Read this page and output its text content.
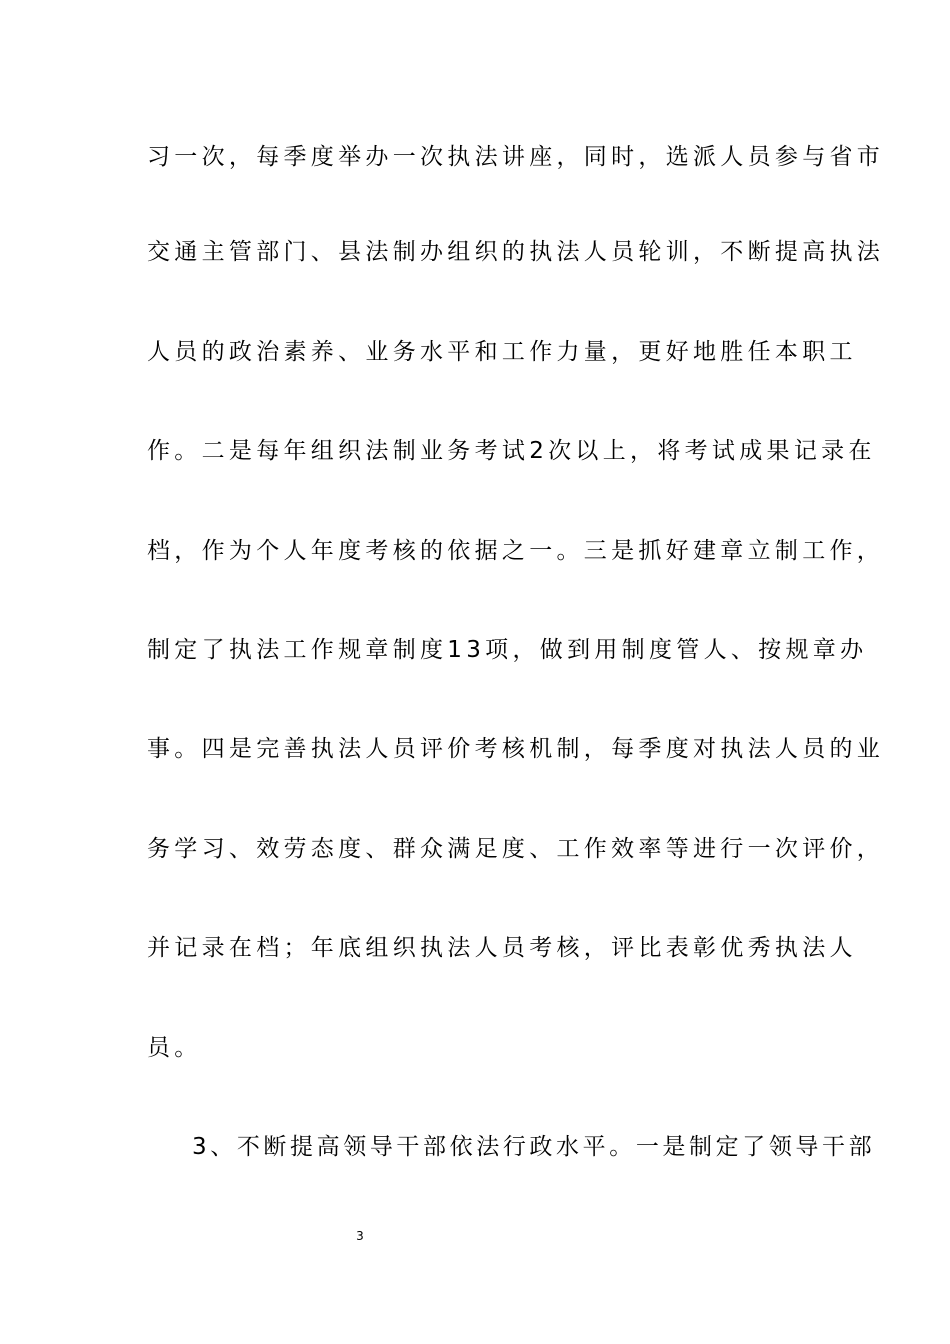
习一次，每季度举办一次执法讲座，同时，选派人员参与省市
交通主管部门、县法制办组织的执法人员轮训，不断提高执法
人员的政治素养、业务水平和工作力量，更好地胜任本职工
作。二是每年组织法制业务考试2次以上，将考试成果记录在
档，作为个人年度考核的依据之一。三是抓好建章立制工作，
制定了执法工作规章制度13项，做到用制度管人、按规章办
事。四是完善执法人员评价考核机制，每季度对执法人员的业
务学习、效劳态度、群众满足度、工作效率等进行一次评价，
并记录在档；年底组织执法人员考核，评比表彰优秀执法人
员。
3、不断提高领导干部依法行政水平。一是制定了领导干部
3
